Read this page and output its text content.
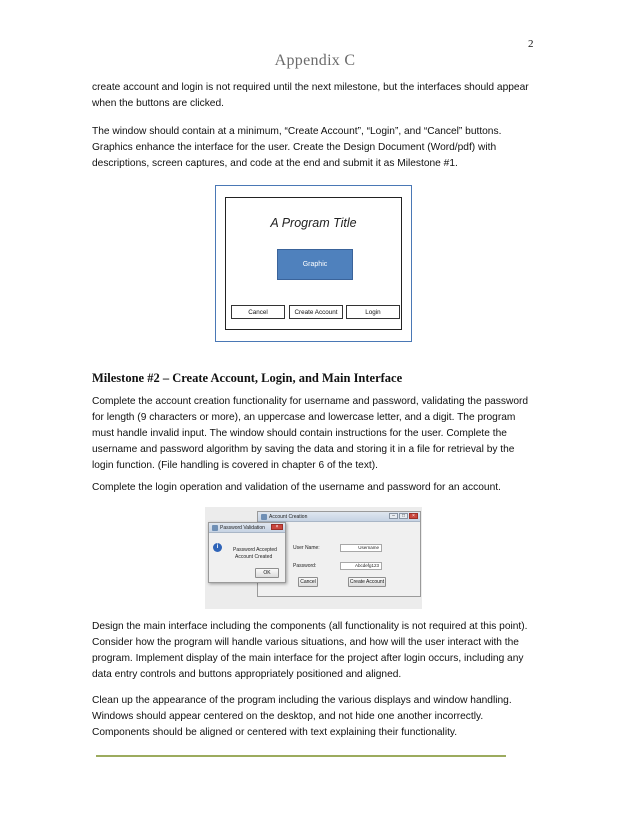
2
Appendix C

create account and login is not required until the next milestone, but the interfaces should appear when the buttons are clicked.

The window should contain at a minimum, “Create Account”, “Login”, and “Cancel” buttons. Graphics enhance the interface for the user. Create the Design Document (Word/pdf) with descriptions, screen captures, and code at the end and submit it as Milestone #1.

A Program Title
Graphic
Cancel	Create Account	Login
Milestone #2 – Create Account, Login, and Main Interface

Complete the account creation functionality for username and password, validating the password for length (9 characters or more), an uppercase and lowercase letter, and a digit. The program must handle invalid input. The window should contain instructions for the user. Complete the username and password algorithm by saving the data and storing it in a file for retrieval by the login function. (File handling is covered in chapter 6 of the text).

Complete the login operation and validation of the username and password for an account.

Account Creation	–	□	×
User Name:	Username
Password:	Abcdefg123
Cancel	Create Account
Password Validation	×
i	Password Accepted
Account Created
OK

Design the main interface including the components (all functionality is not required at this point). Consider how the program will handle various situations, and how will the user interact with the program. Implement display of the main interface for the project after login occurs, including any data entry controls and buttons appropriately positioned and aligned.

Clean up the appearance of the program including the various displays and window handling. Windows should appear centered on the desktop, and not hide one another incorrectly. Components should be aligned or centered with text explaining their functionality.
